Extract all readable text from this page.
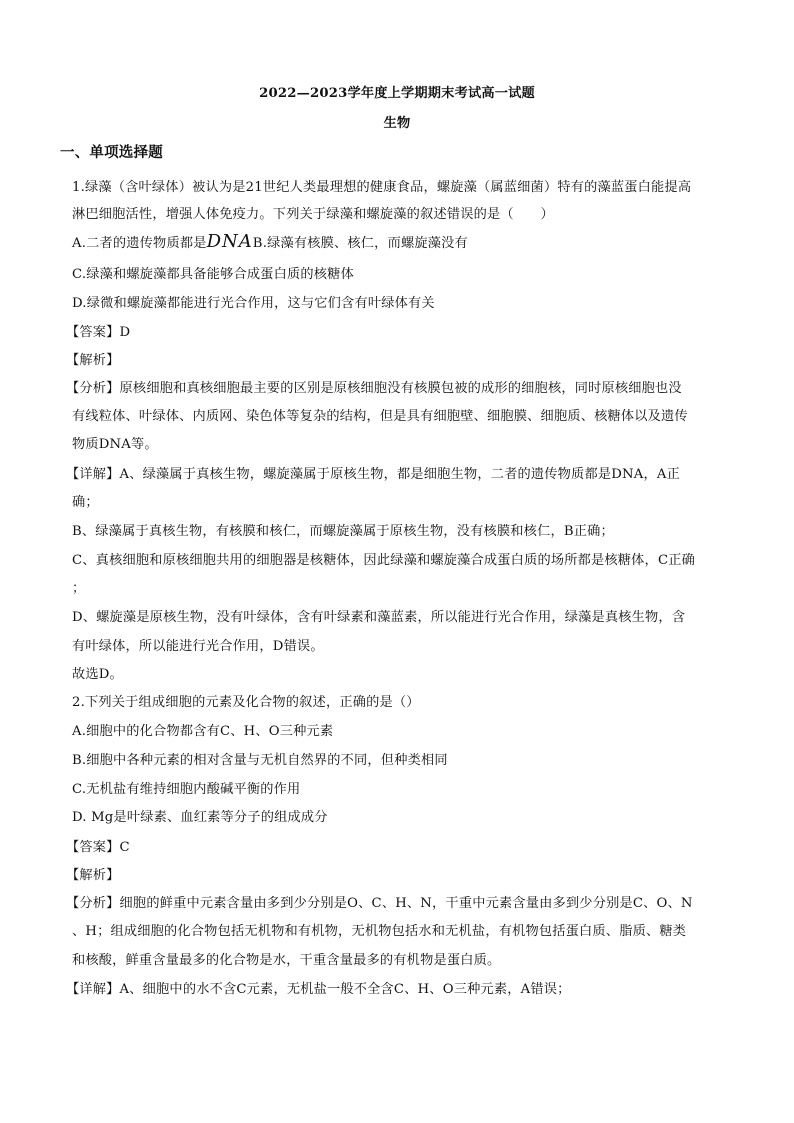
2022—2023学年度上学期期末考试高一试题
生物
一、单项选择题
1.绿藻（含叶绿体）被认为是21世纪人类最理想的健康食品，螺旋藻（属蓝细菌）特有的藻蓝蛋白能提高
淋巴细胞活性，增强人体免疫力。下列关于绿藻和螺旋藻的叙述错误的是（　　）
A.二者的遗传物质都是DNAB.绿藻有核膜、核仁，而螺旋藻没有
C.绿藻和螺旋藻都具备能够合成蛋白质的核糖体
D.绿微和螺旋藻都能进行光合作用，这与它们含有叶绿体有关
【答案】D
【解析】
【分析】原核细胞和真核细胞最主要的区别是原核细胞没有核膜包被的成形的细胞核，同时原核细胞也没
有线粒体、叶绿体、内质网、染色体等复杂的结构，但是具有细胞壁、细胞膜、细胞质、核糖体以及遗传
物质DNA等。
【详解】A、绿藻属于真核生物，螺旋藻属于原核生物，都是细胞生物，二者的遗传物质都是DNA，A正
确；
B、绿藻属于真核生物，有核膜和核仁，而螺旋藻属于原核生物，没有核膜和核仁，B正确；
C、真核细胞和原核细胞共用的细胞器是核糖体，因此绿藻和螺旋藻合成蛋白质的场所都是核糖体，C正确
；
D、螺旋藻是原核生物，没有叶绿体，含有叶绿素和藻蓝素，所以能进行光合作用，绿藻是真核生物，含
有叶绿体，所以能进行光合作用，D错误。
故选D。
2.下列关于组成细胞的元素及化合物的叙述，正确的是（）
A.细胞中的化合物都含有C、H、O三种元素
B.细胞中各种元素的相对含量与无机自然界的不同，但种类相同
C.无机盐有维持细胞内酸碱平衡的作用
D. Mg是叶绿素、血红素等分子的组成成分
【答案】C
【解析】
【分析】细胞的鲜重中元素含量由多到少分别是O、C、H、N，干重中元素含量由多到少分别是C、O、N
、H；组成细胞的化合物包括无机物和有机物，无机物包括水和无机盐，有机物包括蛋白质、脂质、糖类
和核酸，鲜重含量最多的化合物是水，干重含量最多的有机物是蛋白质。
【详解】A、细胞中的水不含C元素，无机盐一般不全含C、H、O三种元素，A错误；
